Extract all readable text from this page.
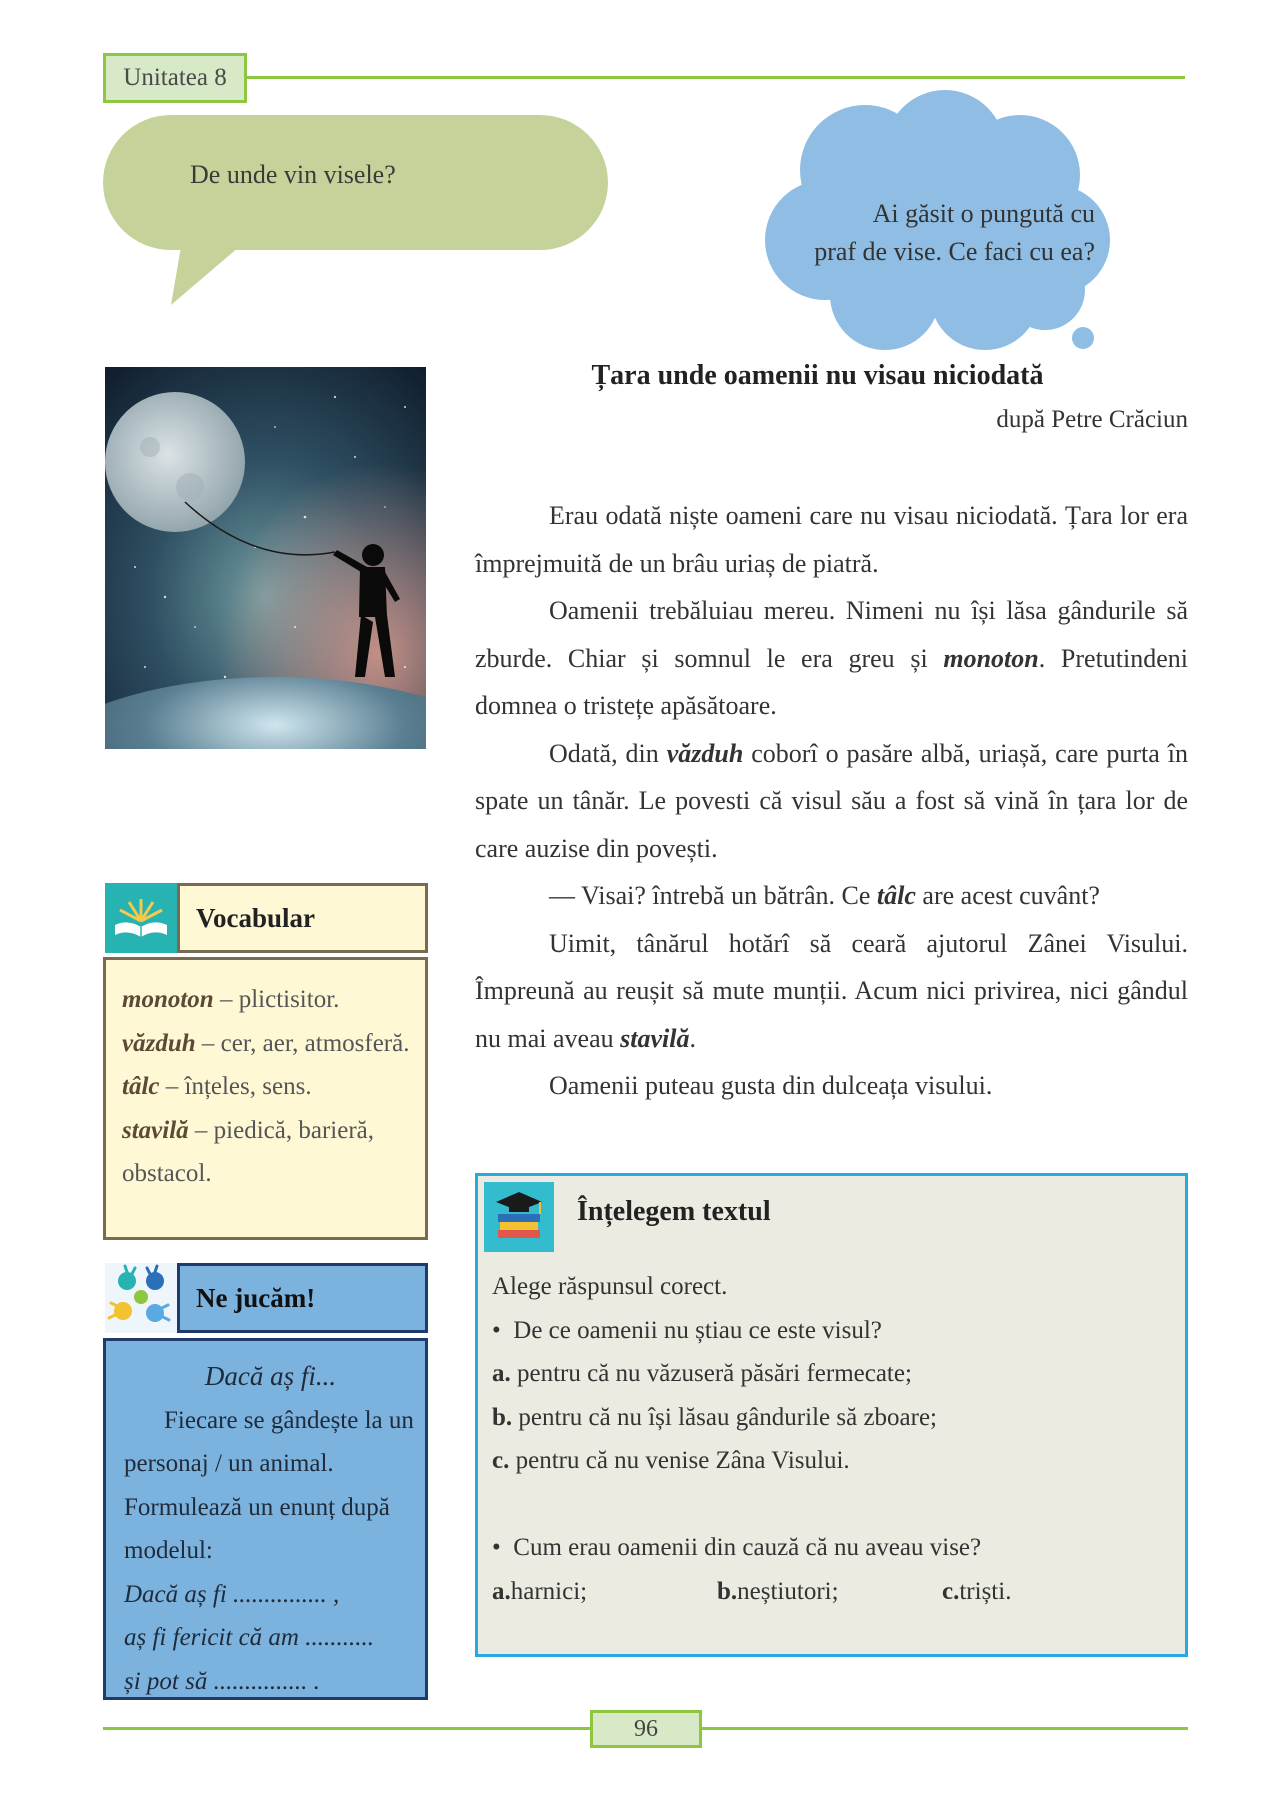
Unitatea 8
De unde vin visele?
Ai găsit o pungută cu
praf de vise. Ce faci cu ea?
Țara unde oamenii nu visau niciodată
după Petre Crăciun

Erau odată niște oameni care nu visau niciodată. Țara lor era împrejmuită de un brâu uriaș de piatră.

Oamenii trebăluiau mereu. Nimeni nu își lăsa gândurile să zburde. Chiar și somnul le era greu și monoton. Pretutindeni domnea o tristețe apăsătoare.

Odată, din văzduh coborî o pasăre albă, uriașă, care purta în spate un tânăr. Le povesti că visul său a fost să vină în țara lor de care auzise din povești.

— Visai? întrebă un bătrân. Ce tâlc are acest cuvânt?

Uimit, tânărul hotărî să ceară ajutorul Zânei Visului. Împreună au reușit să mute munții. Acum nici privirea, nici gândul nu mai aveau stavilă.

Oamenii puteau gusta din dulceața visului.

Vocabular
monoton – plictisitor.
văzduh – cer, aer, atmosferă.
tâlc – înțeles, sens.
stavilă – piedică, barieră, obstacol.
Ne jucăm!
Dacă aș fi...
Fiecare se gândește la un personaj / un animal. Formulează un enunț după modelul:
Dacă aș fi ............... ,
aș fi fericit că am ...........
și pot să ............... .
Înțelegem textul
Alege răspunsul corect.
•  De ce oamenii nu știau ce este visul?
a. pentru că nu văzuseră păsări fermecate;
b. pentru că nu își lăsau gândurile să zboare;
c. pentru că nu venise Zâna Visului.
•  Cum erau oamenii din cauză că nu aveau vise?
a.harnici;	b.neștiutori;	c.triști.
96
